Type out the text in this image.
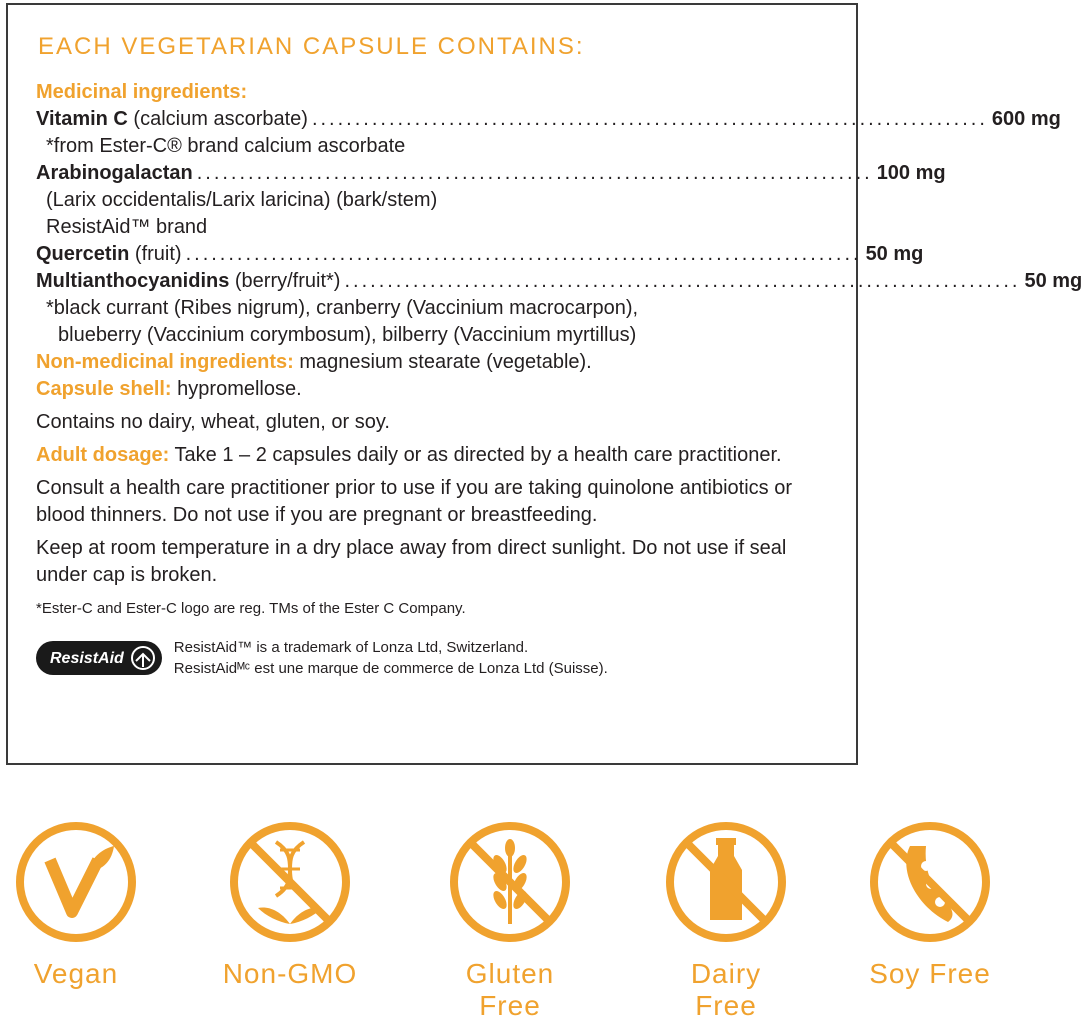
EACH VEGETARIAN CAPSULE CONTAINS:
Medicinal ingredients:
Vitamin C (calcium ascorbate) ............................................................................... 600 mg
*from Ester-C® brand calcium ascorbate
Arabinogalactan ............................................................................... 100 mg
(Larix occidentalis/Larix laricina) (bark/stem)
ResistAid™ brand
Quercetin (fruit) ............................................................................... 50 mg
Multianthocyanidins (berry/fruit*) ............................................................................... 50 mg
*black currant (Ribes nigrum), cranberry (Vaccinium macrocarpon),
blueberry (Vaccinium corymbosum), bilberry (Vaccinium myrtillus)
Non-medicinal ingredients: magnesium stearate (vegetable).
Capsule shell: hypromellose.
Contains no dairy, wheat, gluten, or soy.
Adult dosage: Take 1 – 2 capsules daily or as directed by a health care practitioner.
Consult a health care practitioner prior to use if you are taking quinolone antibiotics or blood thinners. Do not use if you are pregnant or breastfeeding.
Keep at room temperature in a dry place away from direct sunlight. Do not use if seal under cap is broken.
*Ester-C and Ester-C logo are reg. TMs of the Ester C Company.
ResistAid
ResistAid™ is a trademark of Lonza Ltd, Switzerland.
ResistAidᴹᶜ est une marque de commerce de Lonza Ltd (Suisse).
Vegan	Non-GMO	Gluten Free
Dairy Free
Soy Free
